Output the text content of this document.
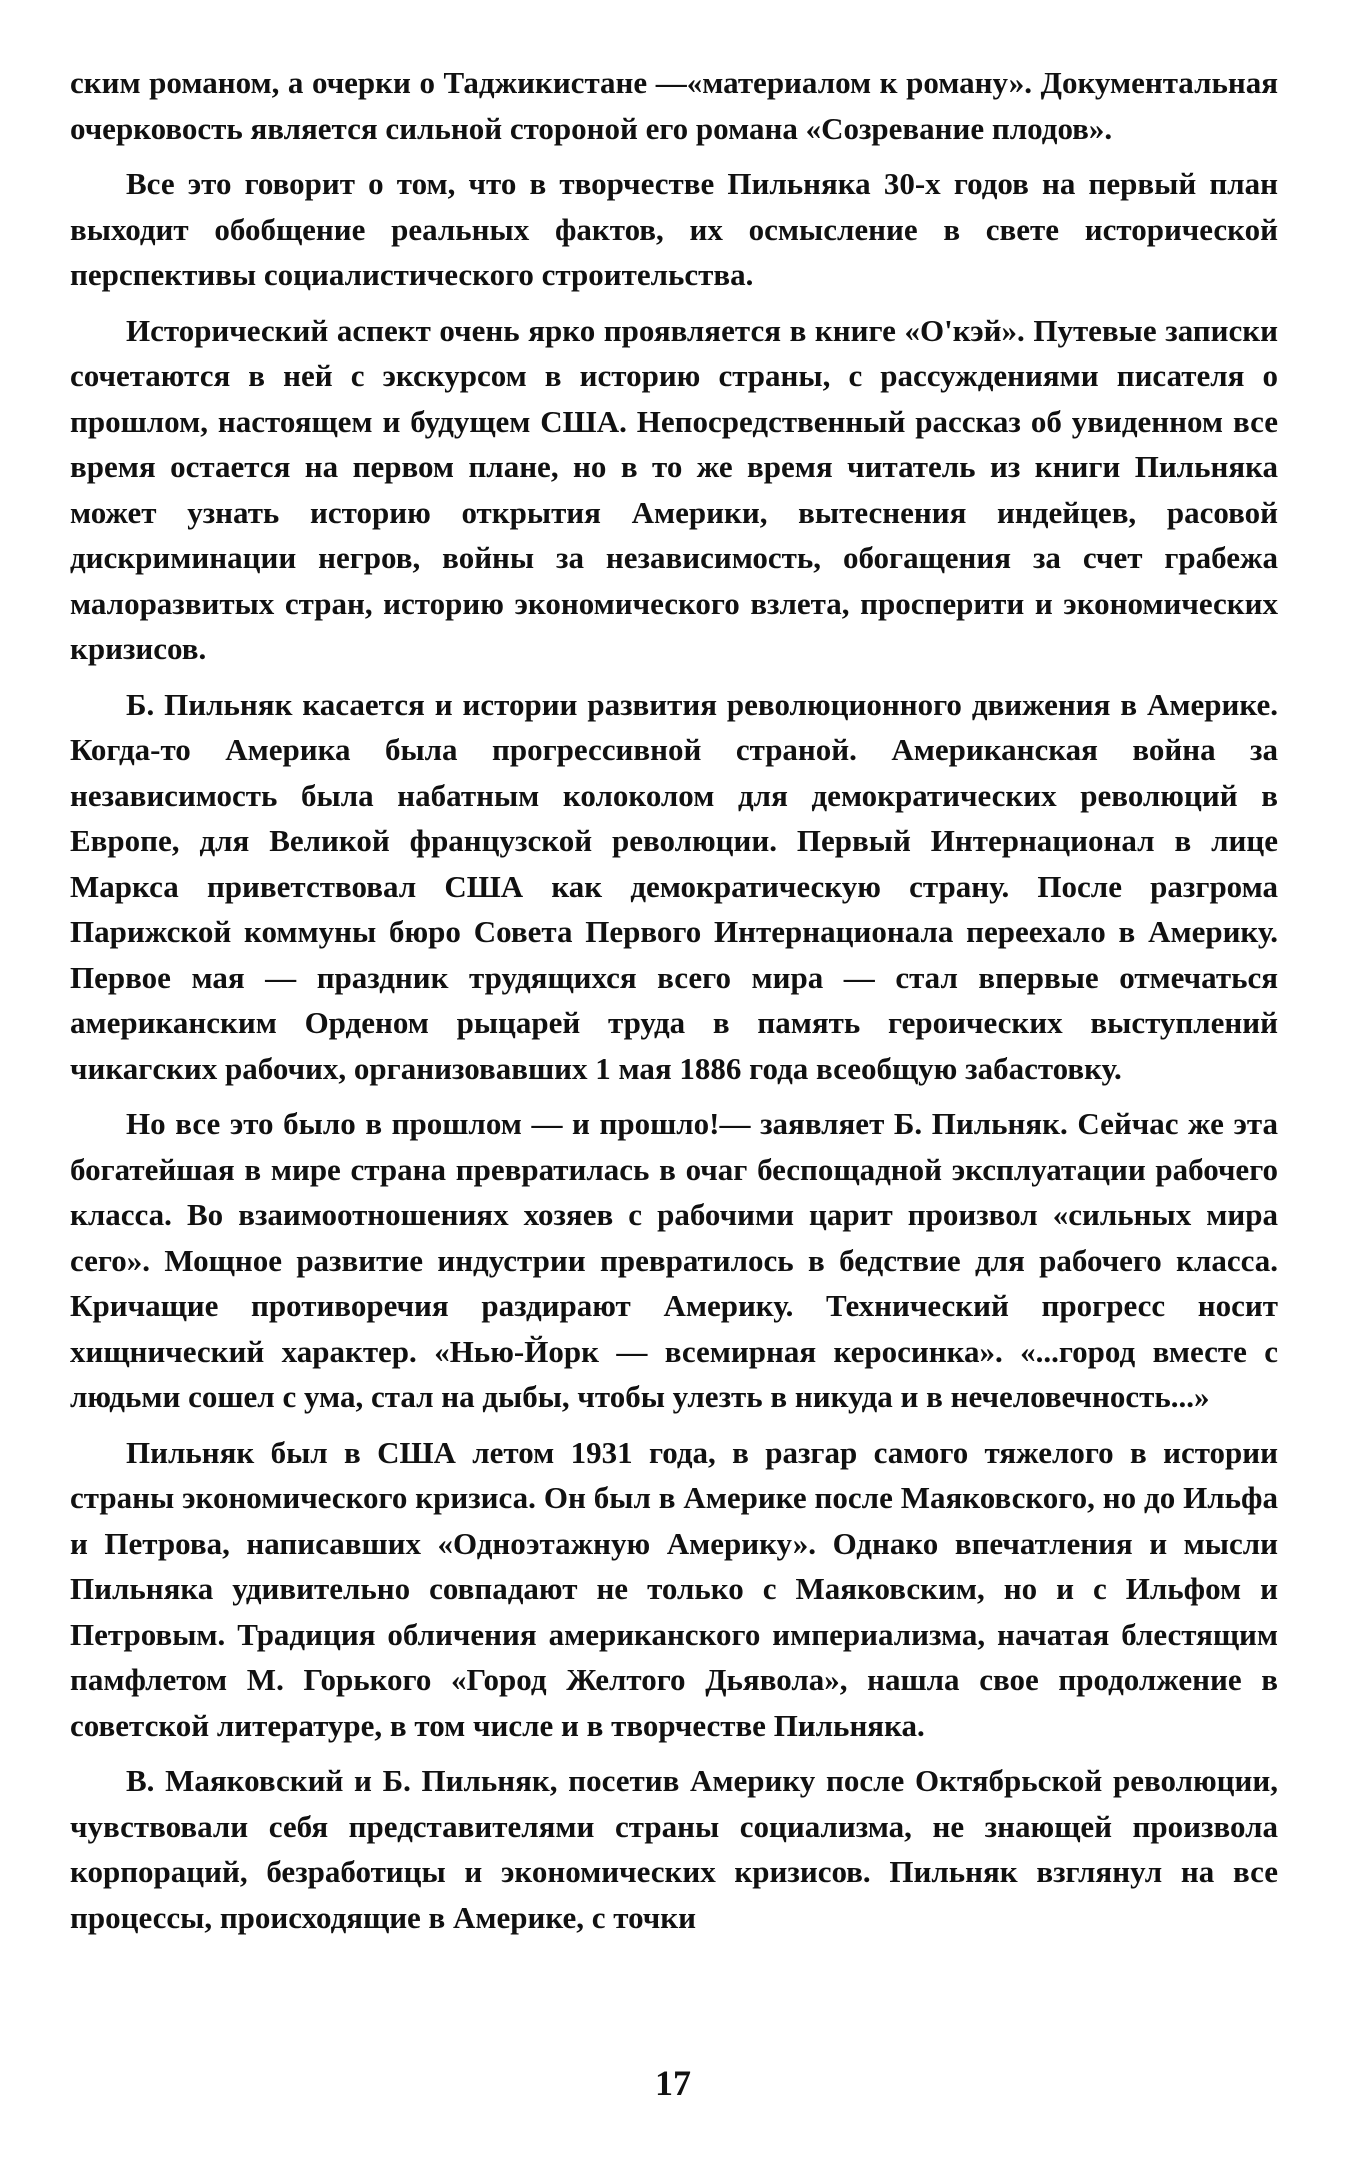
ским романом, а очерки о Таджикистане —«материалом к роману». Документальная очерковость является сильной стороной его романа «Созревание плодов».

Все это говорит о том, что в творчестве Пильняка 30-х годов на первый план выходит обобщение реальных фактов, их осмысление в свете исторической перспективы социалистического строительства.

Исторический аспект очень ярко проявляется в книге «О'кэй». Путевые записки сочетаются в ней с экскурсом в историю страны, с рассуждениями писателя о прошлом, настоящем и будущем США. Непосредственный рассказ об увиденном все время остается на первом плане, но в то же время читатель из книги Пильняка может узнать историю открытия Америки, вытеснения индейцев, расовой дискриминации негров, войны за независимость, обогащения за счет грабежа малоразвитых стран, историю экономического взлета, просперити и экономических кризисов.

Б. Пильняк касается и истории развития революционного движения в Америке. Когда-то Америка была прогрессивной страной. Американская война за независимость была набатным колоколом для демократических революций в Европе, для Великой французской революции. Первый Интернационал в лице Маркса приветствовал США как демократическую страну. После разгрома Парижской коммуны бюро Совета Первого Интернационала переехало в Америку. Первое мая — праздник трудящихся всего мира — стал впервые отмечаться американским Орденом рыцарей труда в память героических выступлений чикагских рабочих, организовавших 1 мая 1886 года всеобщую забастовку.

Но все это было в прошлом — и прошло!— заявляет Б. Пильняк. Сейчас же эта богатейшая в мире страна превратилась в очаг беспощадной эксплуатации рабочего класса. Во взаимоотношениях хозяев с рабочими царит произвол «сильных мира сего». Мощное развитие индустрии превратилось в бедствие для рабочего класса. Кричащие противоречия раздирают Америку. Технический прогресс носит хищнический характер. «Нью-Йорк — всемирная керосинка». «...город вместе с людьми сошел с ума, стал на дыбы, чтобы улезть в никуда и в нечеловечность...»

Пильняк был в США летом 1931 года, в разгар самого тяжелого в истории страны экономического кризиса. Он был в Америке после Маяковского, но до Ильфа и Петрова, написавших «Одноэтажную Америку». Однако впечатления и мысли Пильняка удивительно совпадают не только с Маяковским, но и с Ильфом и Петровым. Традиция обличения американского империализма, начатая блестящим памфлетом М. Горького «Город Желтого Дьявола», нашла свое продолжение в советской литературе, в том числе и в творчестве Пильняка.

В. Маяковский и Б. Пильняк, посетив Америку после Октябрьской революции, чувствовали себя представителями страны социализма, не знающей произвола корпораций, безработицы и экономических кризисов. Пильняк взглянул на все процессы, происходящие в Америке, с точки

17
